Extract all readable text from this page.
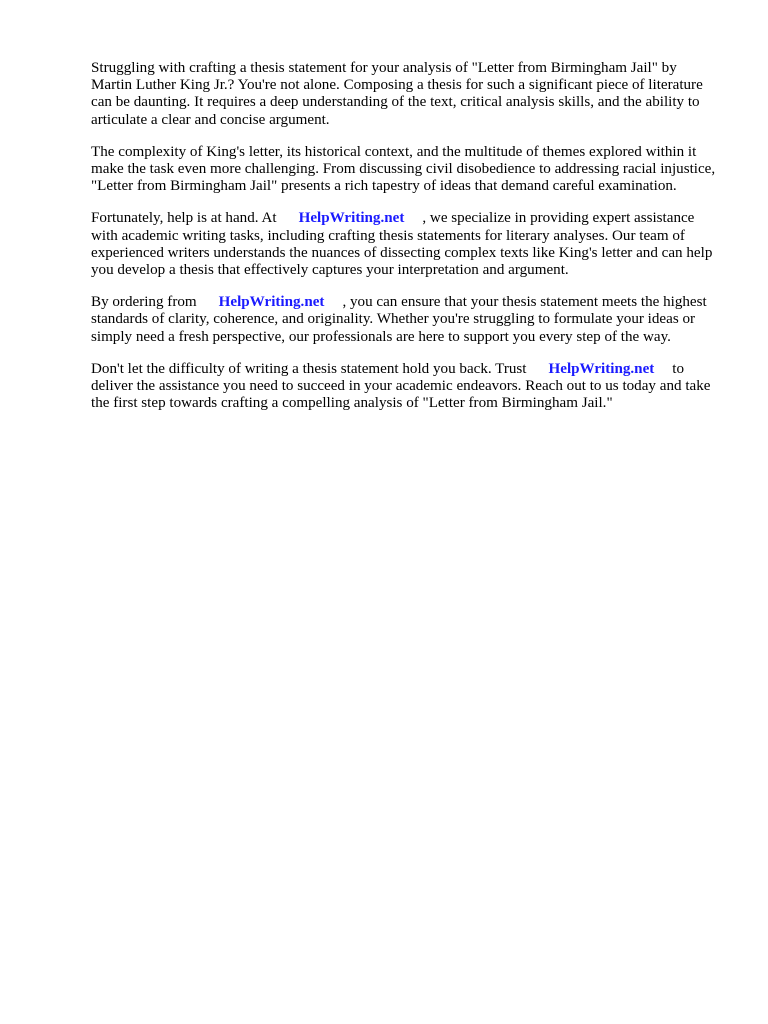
Struggling with crafting a thesis statement for your analysis of "Letter from Birmingham Jail" by Martin Luther King Jr.? You're not alone. Composing a thesis for such a significant piece of literature can be daunting. It requires a deep understanding of the text, critical analysis skills, and the ability to articulate a clear and concise argument.

The complexity of King's letter, its historical context, and the multitude of themes explored within it make the task even more challenging. From discussing civil disobedience to addressing racial injustice, "Letter from Birmingham Jail" presents a rich tapestry of ideas that demand careful examination.

Fortunately, help is at hand. At HelpWriting.net , we specialize in providing expert assistance with academic writing tasks, including crafting thesis statements for literary analyses. Our team of experienced writers understands the nuances of dissecting complex texts like King's letter and can help you develop a thesis that effectively captures your interpretation and argument.

By ordering from HelpWriting.net , you can ensure that your thesis statement meets the highest standards of clarity, coherence, and originality. Whether you're struggling to formulate your ideas or simply need a fresh perspective, our professionals are here to support you every step of the way.

Don't let the difficulty of writing a thesis statement hold you back. Trust HelpWriting.net to deliver the assistance you need to succeed in your academic endeavors. Reach out to us today and take the first step towards crafting a compelling analysis of "Letter from Birmingham Jail."
